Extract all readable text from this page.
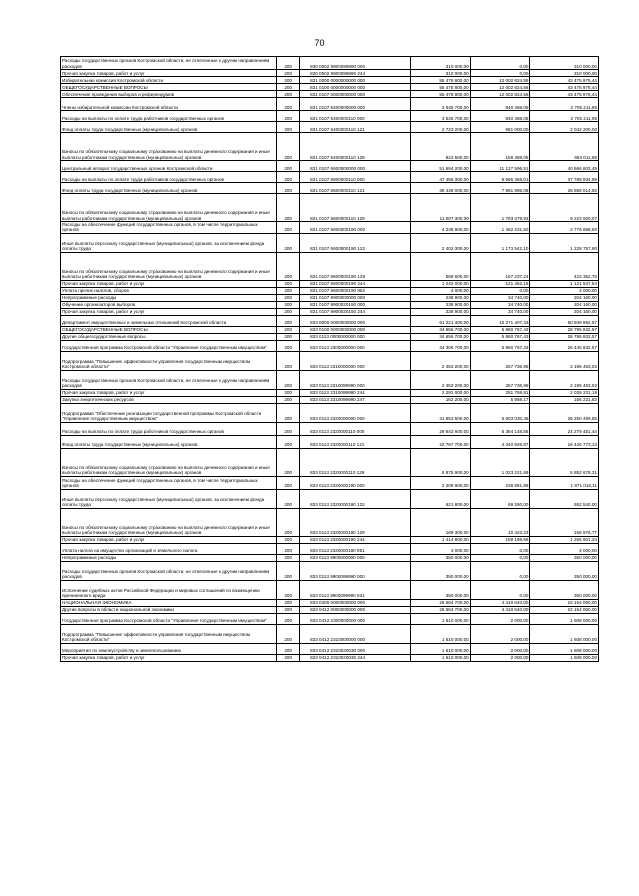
70
Расходы государственных органов Костромской области, не отнесенные к другим направлениям расходов	200	830 0502 9900099990 000	310 000,00	0,00	310 000,00
Прочая закупка товаров, работ и услуг	200	830 0502 9900099990 244	310 000,00	0,00	310 000,00
Избирательная комиссия Костромской области	200	831 0000 0000000000 000	55 478 800,00	12 002 824,59	43 475 975,44
ОБЩЕГОСУДАРСТВЕННЫЕ ВОПРОСЫ	200	831 0100 0000000000 000	55 478 800,00	12 002 824,56	43 475 975,44
Обеспечение проведения выборов и референдумов	200	831 0107 0000000000 000	55 478 800,00	12 002 824,56	43 475 975,44
Члены избирательной комиссии Костромской области	200	831 0107 6400000000 000	3 545 700,00	840 488,05	2 705 211,95
Расходы на выплаты по оплате труда работников государственных органов	200	831 0107 6400000110 000	3 545 700,00	840 488,05	2 705 211,95
Фонд оплаты труда государственных (муниципальных) органов	200	831 0107 6400000110 121	2 723 200,00	681 000,00	2 042 200,00
Взносы по обязательному социальному страхованию на выплаты денежного содержания и иные выплаты работникам государственных (муниципальных) органов	200	831 0107 6400000110 129	822 500,00	159 488,05	663 011,95
Центральный аппарат государственных органов Костромской области	200	831 0107 6600000000 000	51 694 200,00	11 127 596,51	40 566 603,49
Расходы на выплаты по оплате труда работников государственных органов	200	831 0107 6600000110 000	47 455 300,00	9 665 365,01	37 789 934,99
Фонд оплаты труда государственных (муниципальных) органов	200	831 0107 6600000110 121	36 448 000,00	7 881 985,08	28 566 014,92
Взносы по обязательному социальному страхованию на выплаты денежного содержания и иные выплаты работникам государственных (муниципальных) органов	200	831 0107 6600000110 129	11 007 300,00	1 783 379,93	9 223 920,07
Расходы на обеспечение функций государственных органов, в том числе территориальных органов	200	831 0107 6600000190 000	4 238 900,00	1 462 231,50	2 776 668,50
Иные выплаты персоналу государственных (муниципальных) органов, за исключением фонда оплаты труда	200	831 0107 6600000190 122	2 402 300,00	1 173 542,10	1 228 757,90
Взносы по обязательному социальному страхованию на выплаты денежного содержания и иные выплаты работникам государственных (муниципальных) органов	200	831 0107 6600000190 129	589 600,00	167 237,24	422 362,76
Прочая закупка товаров, работ и услуг	200	831 0107 6600000190 244	1 243 000,00	121 452,16	1 121 547,84
Уплата прочих налогов, сборов	200	831 0107 6600000190 852	4 000,00	0,00	4 000,00
Непрограммные расходы	200	831 0107 9900000000 000	238 900,00	34 740,00	204 160,00
Обучение организаторов выборов	200	831 0107 9900020150 000	238 900,00	34 740,00	204 160,00
Прочая закупка товаров, работ и услуг	200	831 0107 9900020150 244	238 900,00	34 740,00	204 160,00
Департамент имущественных и земельных отношений Костромской области	200	833 0000 0000000000 000	61 221 400,00	10 271 407,43	50 949 992,57
ОБЩЕГОСУДАРСТВЕННЫЕ ВОПРОСЫ	200	833 0100 0000000000 000	34 656 700,00	5 860 767,43	28 795 932,57
Другие общегосударственные вопросы	200	833 0113 0000000000 000	34 656 700,00	5 860 767,43	28 795 932,57
Государственная программа Костромской области "Управление государственным имуществом"	200	833 0113 2300000000 000	34 306 700,00	5 860 767,43	28 445 932,57
Подпрограмма "Повышение эффективности управления государственным имуществом Костромской области"	200	833 0113 2310000000 000	2 453 200,00	257 736,98	2 195 463,02
Расходы государственных органов Костромской области, не отнесенные к другим направлениям расходов	200	833 0113 2310099990 000	2 453 200,00	257 736,98	2 195 463,02
Прочая закупка товаров, работ и услуг	200	833 0113 2310099990 244	2 291 000,00	251 768,81	2 039 231,19
Закупка энергетических ресурсов	200	833 0113 2310099990 247	162 200,00	5 968,17	156 231,83
Подпрограмма "Обеспечение реализации государственной программы Костромской области "Управление государственным имуществом"	200	833 0113 2320000000 000	31 853 500,00	5 603 030,45	26 250 469,55
Расходы на выплаты по оплате труда работников государственных органов	200	833 0113 2320000110 000	29 643 600,00	5 364 148,56	24 279 451,44
Фонд оплаты труда государственных (муниципальных) органов	200	833 0113 2320000110 121	22 767 700,00	4 340 926,87	18 426 773,13
Взносы по обязательному социальному страхованию на выплаты денежного содержания и иные выплаты работникам государственных (муниципальных) органов	200	833 0113 2320000110 129	6 875 900,00	1 023 221,69	5 852 678,31
Расходы на обеспечение функций государственных органов, в том числе территориальных органов	200	833 0113 2320000190 000	2 209 900,00	238 881,89	1 971 018,11
Иные выплаты персоналу государственных (муниципальных) органов, за исключением фонда оплаты труда	200	833 0113 2320000190 122	621 800,00	69 260,00	552 540,00
Взносы по обязательному социальному страхованию на выплаты денежного содержания и иные выплаты работникам государственных (муниципальных) органов	200	833 0113 2320000190 129	169 300,00	10 423,23	158 876,77
Прочая закупка товаров, работ и услуг	200	833 0113 2320000190 244	1 414 800,00	159 198,66	1 255 601,34
Уплата налога на имущество организаций и земельного налога	200	833 0113 2320000190 851	4 000,00	0,00	4 000,00
Непрограммные расходы	200	833 0113 9900000000 000	350 000,00	0,00	350 000,00
Расходы государственных органов Костромской области, не отнесенные к другим направлениям расходов	200	833 0113 9900099990 000	350 000,00	0,00	350 000,00
Исполнение судебных актов Российской Федерации и мировых соглашений по возмещению причиненного вреда	200	833 0113 9900099990 831	350 000,00	0,00	350 000,00
НАЦИОНАЛЬНАЯ ЭКОНОМИКА	200	833 0400 0000000000 000	26 564 700,00	4 410 640,00	22 154 060,00
Другие вопросы в области национальной экономики	200	833 0412 0000000000 000	26 564 700,00	4 410 640,00	22 154 060,00
Государственная программа Костромской области "Управление государственным имуществом"	200	833 0412 2300000000 000	1 610 000,00	2 000,00	1 608 000,00
Подпрограмма "Повышение эффективности управления государственным имуществом Костромской области"	200	833 0412 2310000000 000	1 610 000,00	2 000,00	1 608 000,00
Мероприятия по землеустройству и землепользованию	200	833 0412 2310020030 000	1 610 000,00	2 000,00	1 608 000,00
Прочая закупка товаров, работ и услуг	200	833 0412 2310020030 244	1 610 000,00	2 000,00	1 608 000,00
